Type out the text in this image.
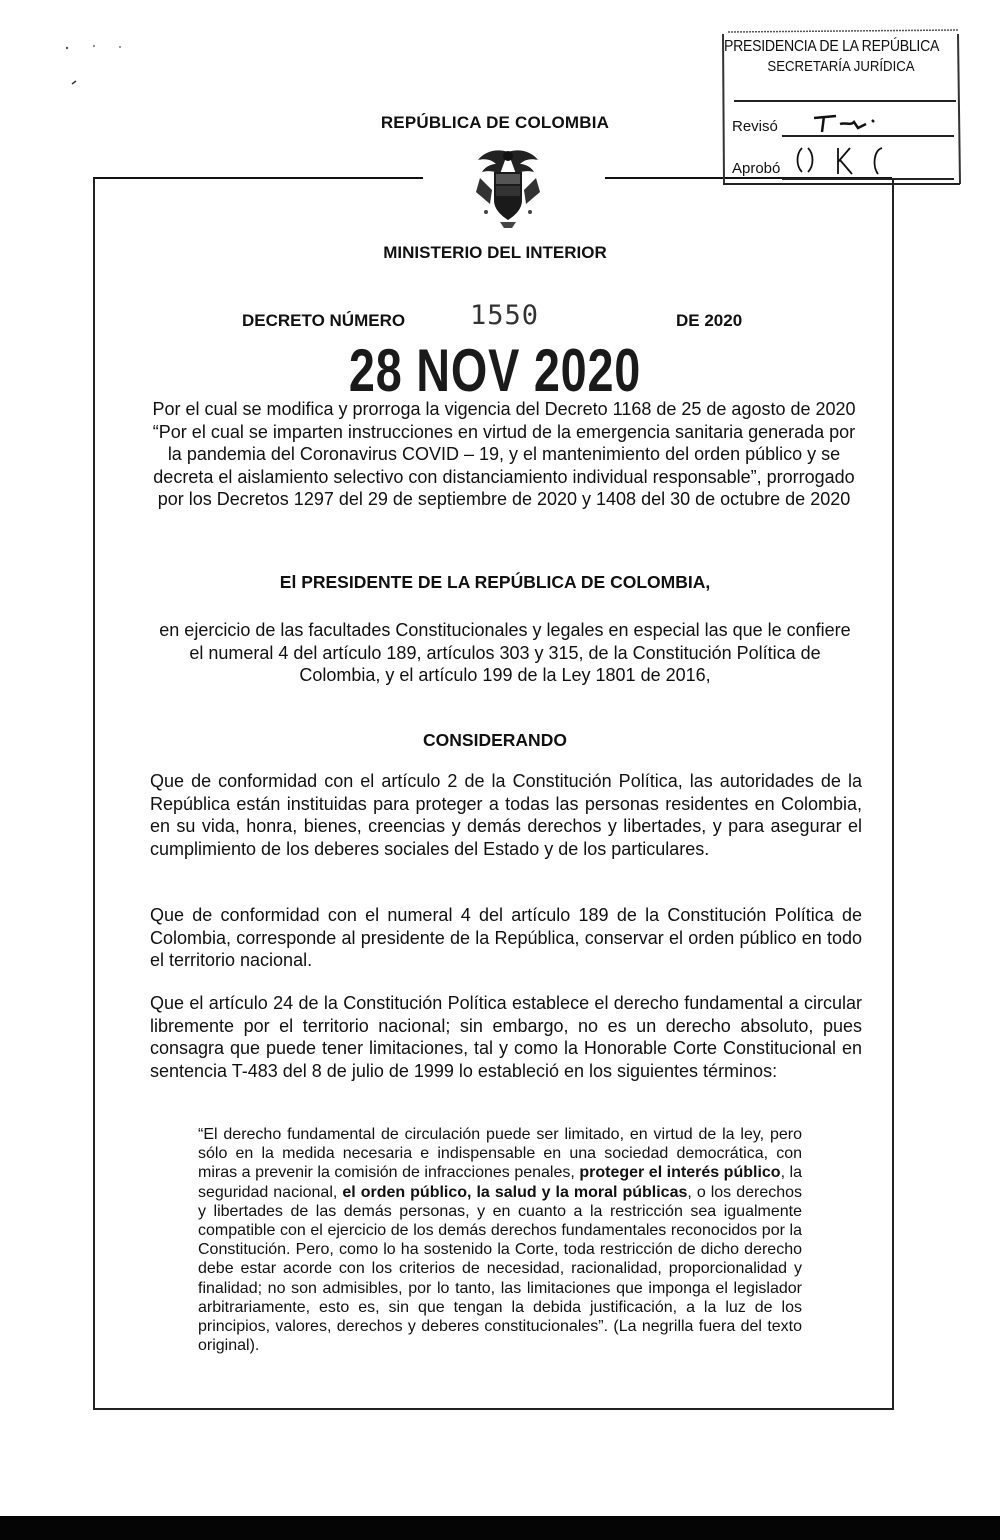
REPÚBLICA DE COLOMBIA
PRESIDENCIA DE LA REPÚBLICA
SECRETARÍA JURÍDICA
Revisó
Aprobó
MINISTERIO DEL INTERIOR
DECRETO NÚMERO 1550	DE 2020
28 NOV 2020
Por el cual se modifica y prorroga la vigencia del Decreto 1168 de 25 de agosto de 2020 “Por el cual se imparten instrucciones en virtud de la emergencia sanitaria generada por la pandemia del Coronavirus COVID – 19, y el mantenimiento del orden público y se decreta el aislamiento selectivo con distanciamiento individual responsable”, prorrogado por los Decretos 1297 del 29 de septiembre de 2020 y 1408 del 30 de octubre de 2020
El PRESIDENTE DE LA REPÚBLICA DE COLOMBIA,
en ejercicio de las facultades Constitucionales y legales en especial las que le confiere el numeral 4 del artículo 189, artículos 303 y 315, de la Constitución Política de Colombia, y el artículo 199 de la Ley 1801 de 2016,
CONSIDERANDO
Que de conformidad con el artículo 2 de la Constitución Política, las autoridades de la República están instituidas para proteger a todas las personas residentes en Colombia, en su vida, honra, bienes, creencias y demás derechos y libertades, y para asegurar el cumplimiento de los deberes sociales del Estado y de los particulares.
Que de conformidad con el numeral 4 del artículo 189 de la Constitución Política de Colombia, corresponde al presidente de la República, conservar el orden público en todo el territorio nacional.
Que el artículo 24 de la Constitución Política establece el derecho fundamental a circular libremente por el territorio nacional; sin embargo, no es un derecho absoluto, pues consagra que puede tener limitaciones, tal y como la Honorable Corte Constitucional en sentencia T-483 del 8 de julio de 1999 lo estableció en los siguientes términos:
“El derecho fundamental de circulación puede ser limitado, en virtud de la ley, pero sólo en la medida necesaria e indispensable en una sociedad democrática, con miras a prevenir la comisión de infracciones penales, proteger el interés público, la seguridad nacional, el orden público, la salud y la moral públicas, o los derechos y libertades de las demás personas, y en cuanto a la restricción sea igualmente compatible con el ejercicio de los demás derechos fundamentales reconocidos por la Constitución. Pero, como lo ha sostenido la Corte, toda restricción de dicho derecho debe estar acorde con los criterios de necesidad, racionalidad, proporcionalidad y finalidad; no son admisibles, por lo tanto, las limitaciones que imponga el legislador arbitrariamente, esto es, sin que tengan la debida justificación, a la luz de los principios, valores, derechos y deberes constitucionales”. (La negrilla fuera del texto original).
